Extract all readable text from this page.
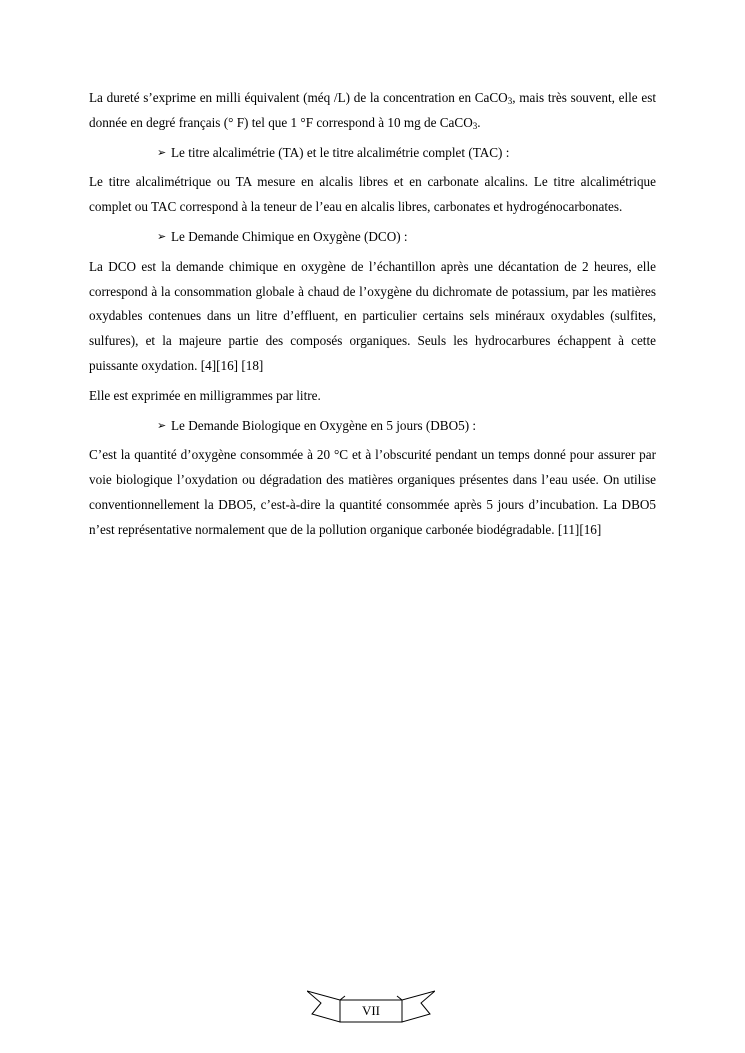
La dureté s’exprime en milli équivalent (méq /L) de la concentration en CaCO$_3$, mais très souvent, elle est donnée en degré français (° F) tel que 1 °F correspond à 10 mg de CaCO$_3$.

➢ Le titre alcalimétrie (TA) et le titre alcalimétrie complet (TAC) :

Le titre alcalimétrique ou TA mesure en alcalis libres et en carbonate alcalins. Le titre alcalimétrique complet ou TAC correspond à la teneur de l’eau en alcalis libres, carbonates et hydrogénocarbonates.

➢ Le Demande Chimique en Oxygène (DCO) :

La DCO est la demande chimique en oxygène de l’échantillon après une décantation de 2 heures, elle correspond à la consommation globale à chaud de l’oxygène du dichromate de potassium, par les matières oxydables contenues dans un litre d’effluent, en particulier certains sels minéraux oxydables (sulfites, sulfures), et la majeure partie des composés organiques. Seuls les hydrocarbures échappent à cette puissante oxydation. [4][16] [18]

Elle est exprimée en milligrammes par litre.

➢ Le Demande Biologique en Oxygène en 5 jours (DBO5) :

C’est la quantité d’oxygène consommée à 20 °C et à l’obscurité pendant un temps donné pour assurer par voie biologique l’oxydation ou dégradation des matières organiques présentes dans l’eau usée. On utilise conventionnellement la DBO5, c’est-à-dire la quantité consommée après 5 jours d’incubation. La DBO5 n’est représentative normalement que de la pollution organique carbonée biodégradable. [11][16]

VII
